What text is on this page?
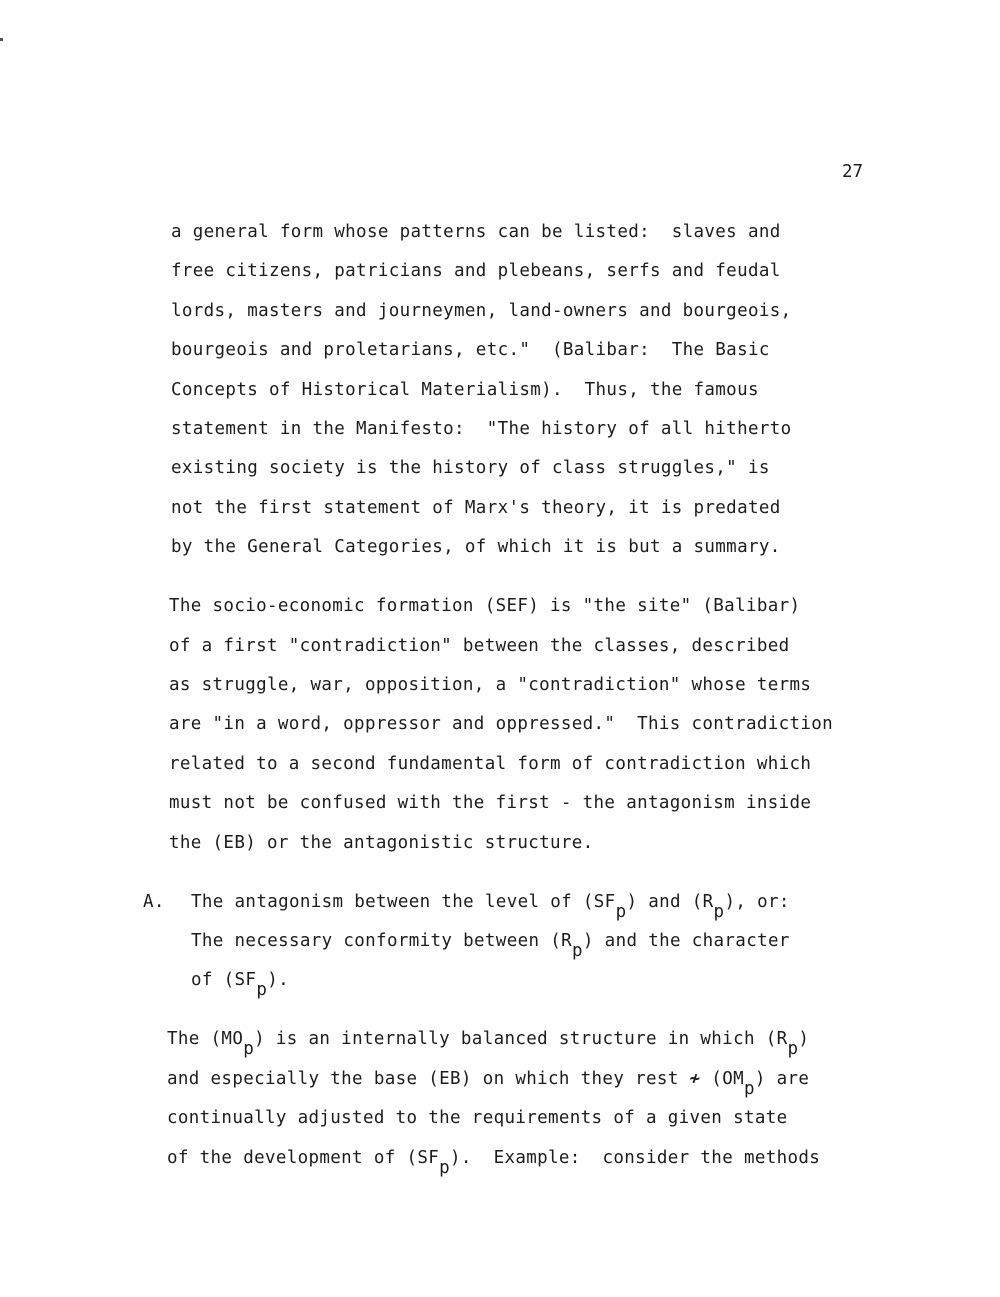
27
a general form whose patterns can be listed:  slaves and
free citizens, patricians and plebeans, serfs and feudal
lords, masters and journeymen, land-owners and bourgeois,
bourgeois and proletarians, etc."  (Balibar:  The Basic
Concepts of Historical Materialism).  Thus, the famous
statement in the Manifesto:  "The history of all hitherto
existing society is the history of class struggles," is
not the first statement of Marx's theory, it is predated
by the General Categories, of which it is but a summary.
The socio-economic formation (SEF) is "the site" (Balibar)
of a first "contradiction" between the classes, described
as struggle, war, opposition, a "contradiction" whose terms
are "in a word, oppressor and oppressed."  This contradiction
related to a second fundamental form of contradiction which
must not be confused with the first - the antagonism inside
the (EB) or the antagonistic structure.
A. The antagonism between the level of (SFp) and (Rp), or:
The necessary conformity between (Rp) and the character
of (SFp).
The (MOp) is an internally balanced structure in which (Rp)
and especially the base (EB) on which they rest ≁ (OMp) are
continually adjusted to the requirements of a given state
of the development of (SFp).  Example:  consider the methods
